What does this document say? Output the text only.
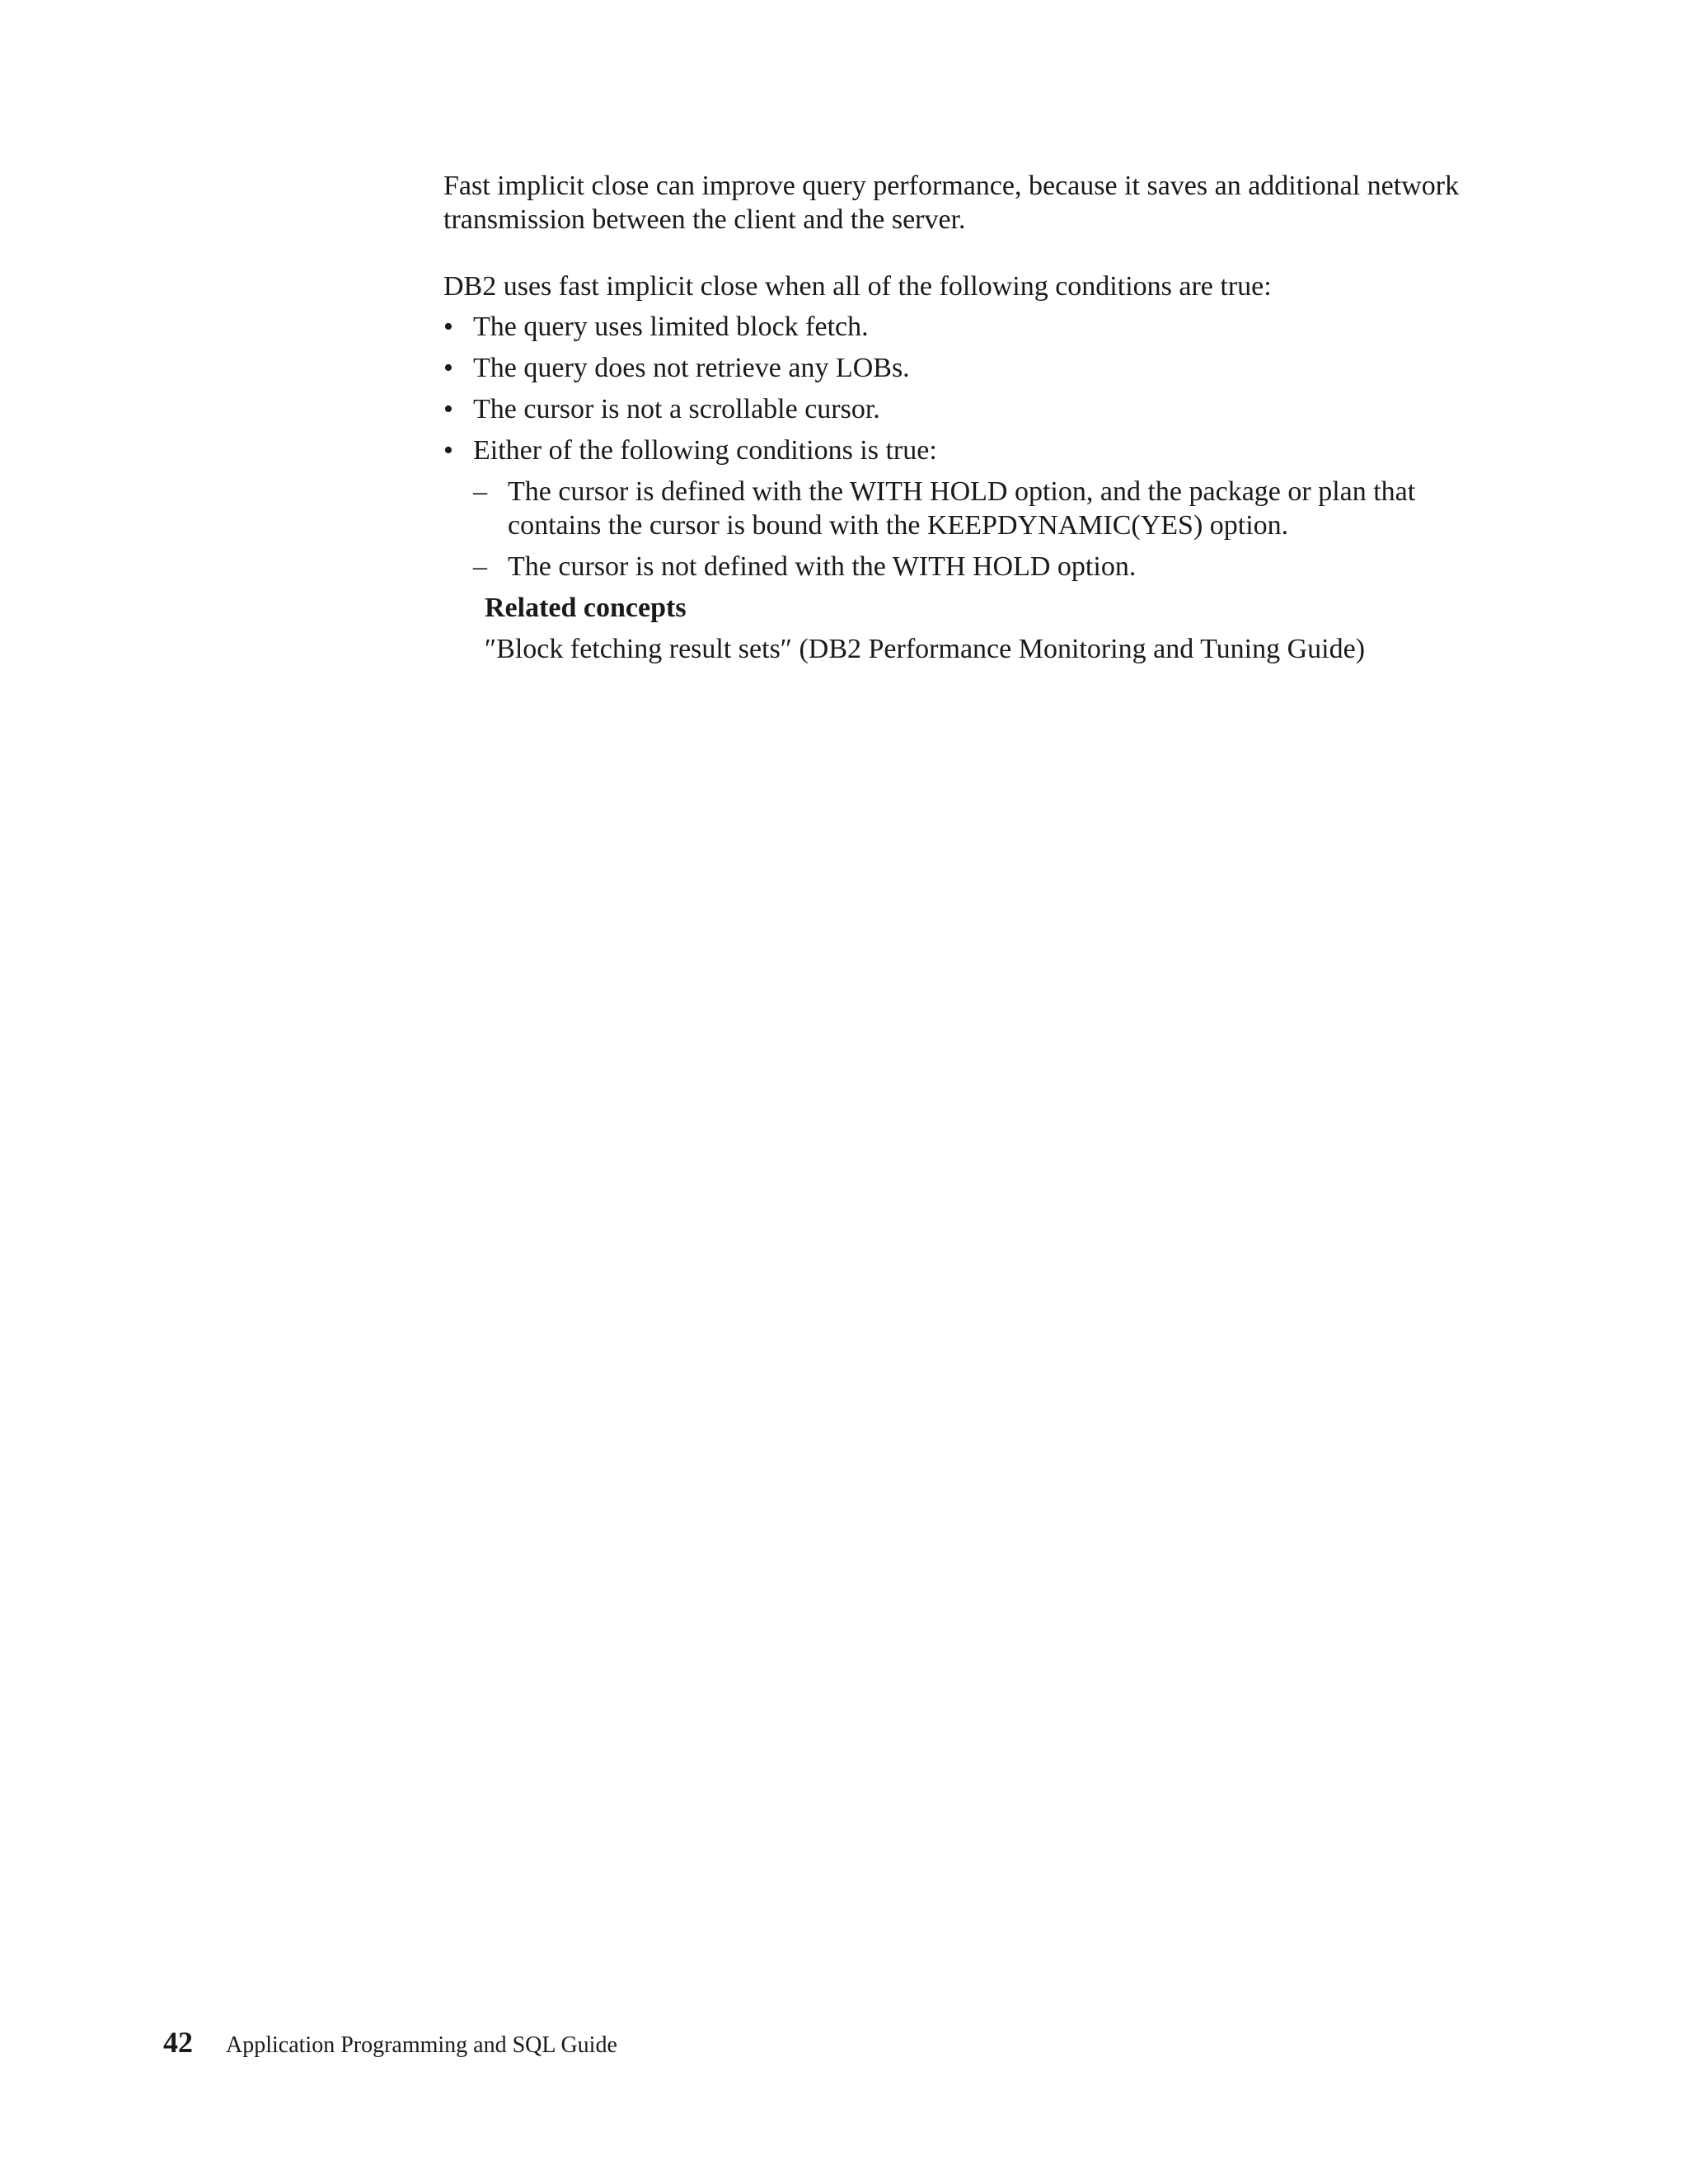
Fast implicit close can improve query performance, because it saves an additional network transmission between the client and the server.

DB2 uses fast implicit close when all of the following conditions are true:

• The query uses limited block fetch.
• The query does not retrieve any LOBs.
• The cursor is not a scrollable cursor.
• Either of the following conditions is true:
– The cursor is defined with the WITH HOLD option, and the package or plan that contains the cursor is bound with the KEEPDYNAMIC(YES) option.
– The cursor is not defined with the WITH HOLD option.
Related concepts
″Block fetching result sets″ (DB2 Performance Monitoring and Tuning Guide)
42 Application Programming and SQL Guide
